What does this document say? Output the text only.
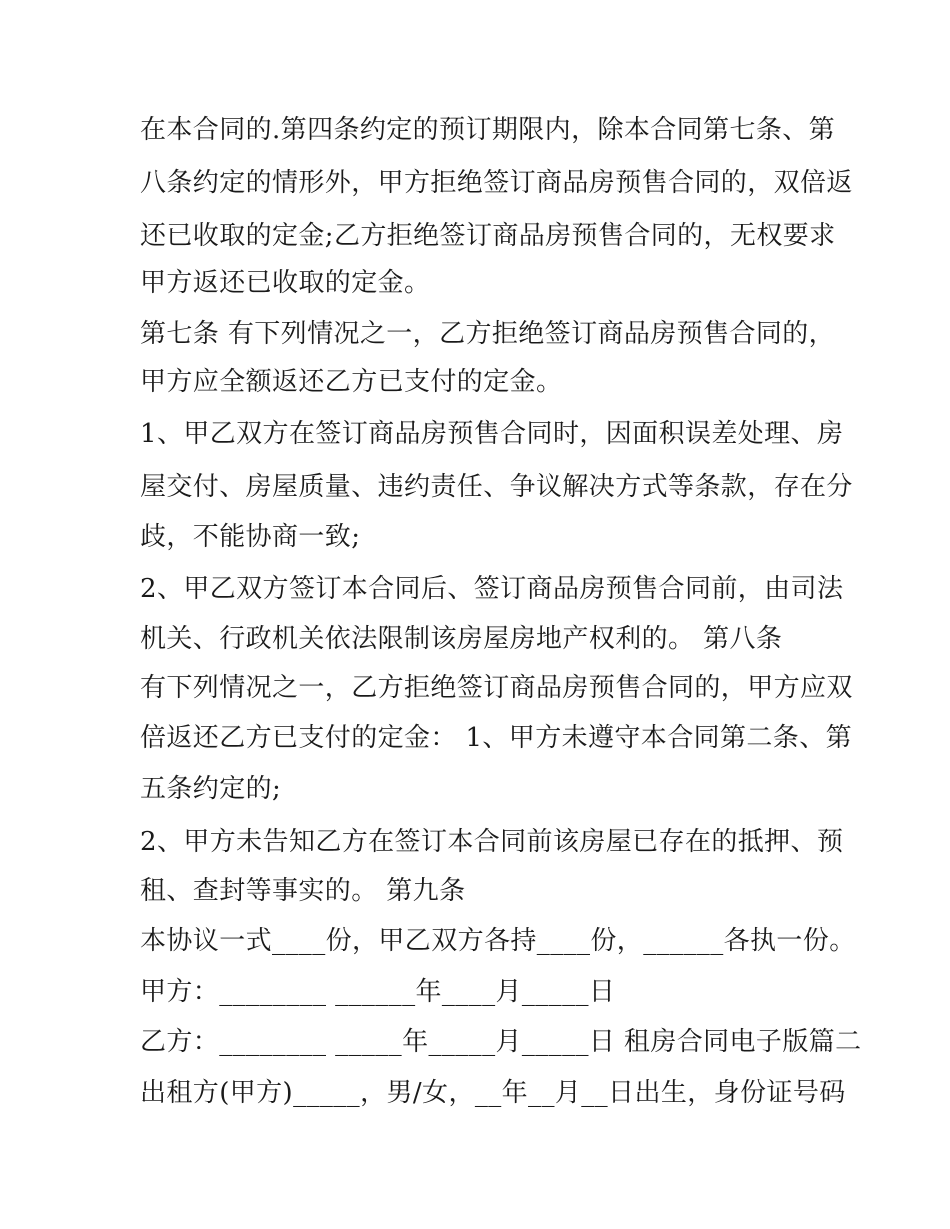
在本合同的.第四条约定的预订期限内，除本合同第七条、第
八条约定的情形外，甲方拒绝签订商品房预售合同的，双倍返
还已收取的定金;乙方拒绝签订商品房预售合同的，无权要求
甲方返还已收取的定金。
第七条 有下列情况之一，乙方拒绝签订商品房预售合同的，
甲方应全额返还乙方已支付的定金。
1、甲乙双方在签订商品房预售合同时，因面积误差处理、房
屋交付、房屋质量、违约责任、争议解决方式等条款，存在分
歧，不能协商一致;
2、甲乙双方签订本合同后、签订商品房预售合同前，由司法
机关、行政机关依法限制该房屋房地产权利的。 第八条
有下列情况之一，乙方拒绝签订商品房预售合同的，甲方应双
倍返还乙方已支付的定金： 1、甲方未遵守本合同第二条、第
五条约定的;
2、甲方未告知乙方在签订本合同前该房屋已存在的抵押、预
租、查封等事实的。 第九条
本协议一式____份，甲乙双方各持____份，______各执一份。
甲方：________ ______年____月_____日
乙方：________ _____年_____月_____日 租房合同电子版篇二
出租方(甲方)_____，男/女，__年__月__日出生，身份证号码
